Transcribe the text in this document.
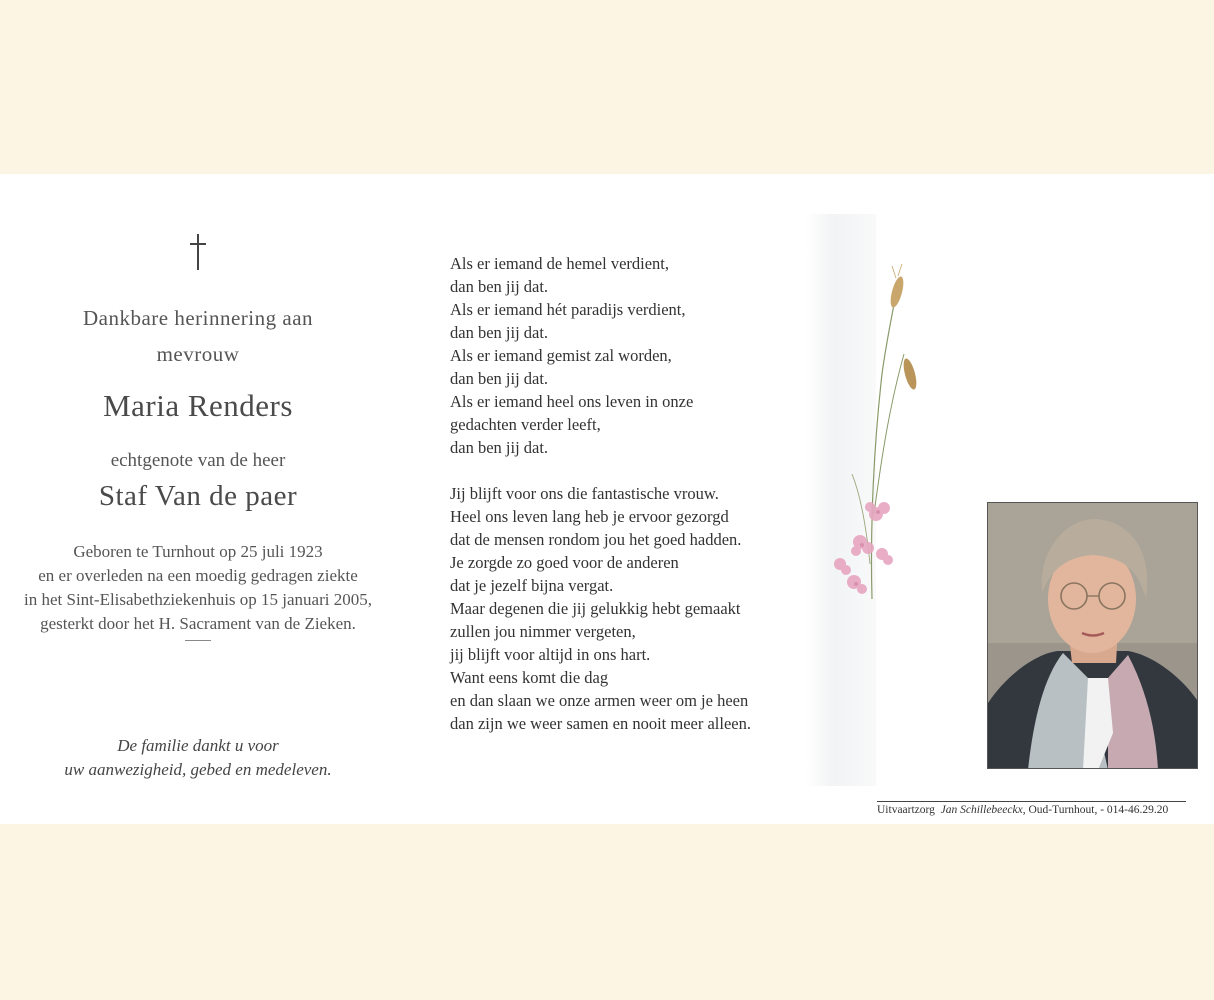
Dankbare herinnering aan
mevrouw
Maria Renders
echtgenote van de heer
Staf Van de paer
Geboren te Turnhout op 25 juli 1923
en er overleden na een moedig gedragen ziekte
in het Sint-Elisabethziekenhuis op 15 januari 2005,
gesterkt door het H. Sacrament van de Zieken.
De familie dankt u voor
uw aanwezigheid, gebed en medeleven.
Als er iemand de hemel verdient,
dan ben jij dat.
Als er iemand hét paradijs verdient,
dan ben jij dat.
Als er iemand gemist zal worden,
dan ben jij dat.
Als er iemand heel ons leven in onze
gedachten verder leeft,
dan ben jij dat.
Jij blijft voor ons die fantastische vrouw.
Heel ons leven lang heb je ervoor gezorgd
dat de mensen rondom jou het goed hadden.
Je zorgde zo goed voor de anderen
dat je jezelf bijna vergat.
Maar degenen die jij gelukkig hebt gemaakt
zullen jou nimmer vergeten,
jij blijft voor altijd in ons hart.
Want eens komt die dag
en dan slaan we onze armen weer om je heen
dan zijn we weer samen en nooit meer alleen.
Uitvaartzorg Jan Schillebeeckx, Oud-Turnhout, - 014-46.29.20
